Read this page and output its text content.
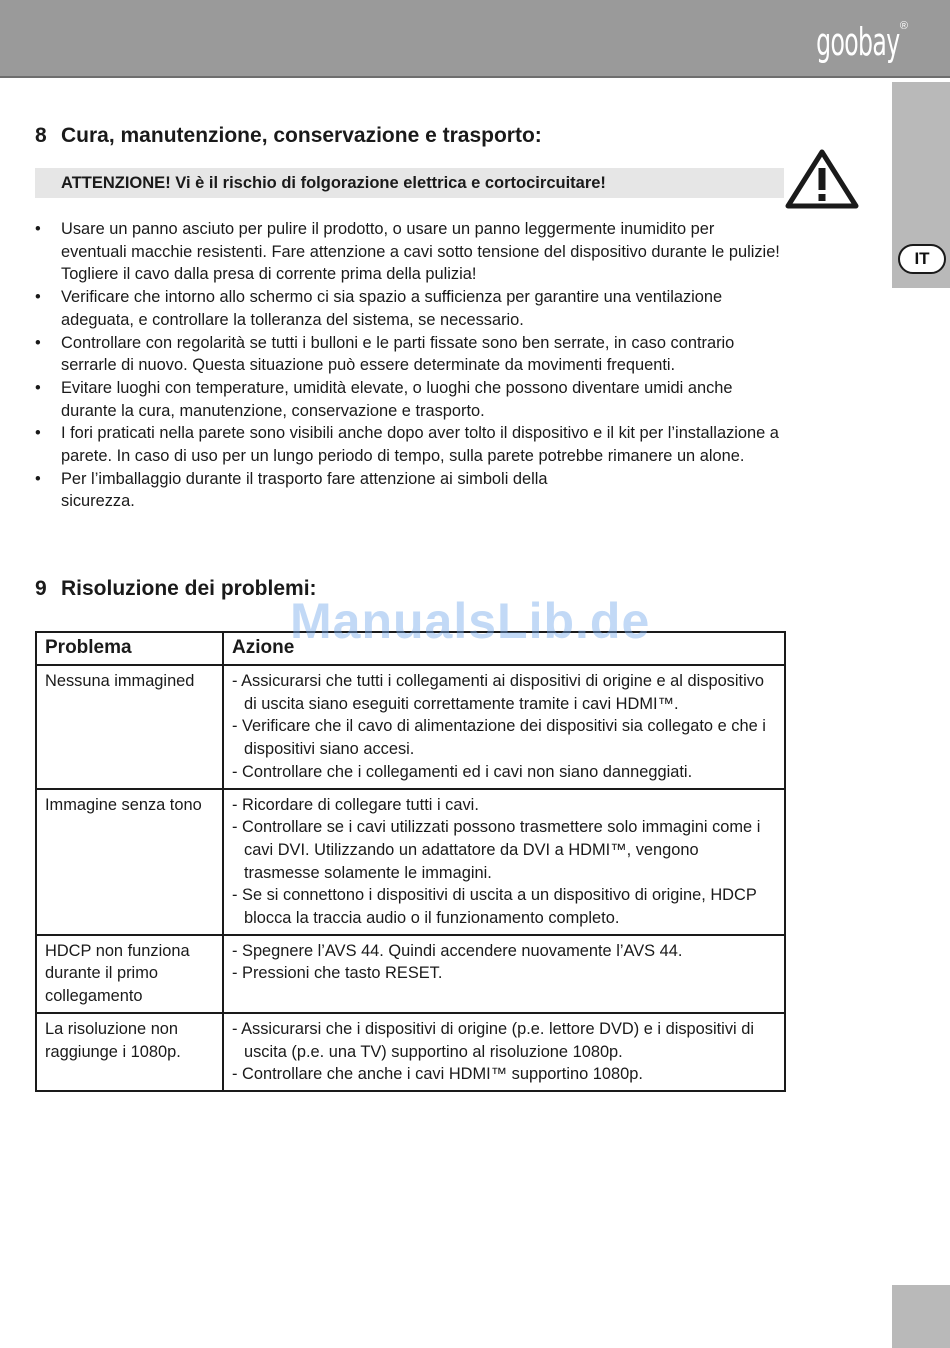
goobay ®
IT
8 Cura, manutenzione, conservazione e trasporto:
ATTENZIONE! Vi è il rischio di folgorazione elettrica e cortocircuitare!
• Usare un panno asciuto per pulire il prodotto, o usare un panno leggermente inumidito per eventuali macchie resistenti. Fare attenzione a cavi sotto tensione del dispositivo durante le pulizie! Togliere il cavo dalla presa di corrente prima della pulizia!
• Verificare che intorno allo schermo ci sia spazio a sufficienza per garantire una ventilazione adeguata, e controllare la tolleranza del sistema, se necessario.
• Controllare con regolarità se tutti i bulloni e le parti fissate sono ben serrate, in caso contrario serrarle di nuovo. Questa situazione può essere determinate da movimenti frequenti.
• Evitare luoghi con temperature, umidità elevate, o luoghi che possono diventare umidi anche durante la cura, manutenzione, conservazione e trasporto.
• I fori praticati nella parete sono visibili anche dopo aver tolto il dispositivo e il kit per l’installazione a parete. In caso di uso per un lungo periodo di tempo, sulla parete potrebbe rimanere un alone.
• Per l’imballaggio durante il trasporto fare attenzione ai simboli della sicurezza.
9 Risoluzione dei problemi:
Problema	Azione
Nessuna immagined	- Assicurarsi che tutti i collegamenti ai dispositivi di origine e al dispositivo di uscita siano eseguiti correttamente tramite i cavi HDMI™.
- Verificare che il cavo di alimentazione dei dispositivi sia collegato e che i dispositivi siano accesi.
- Controllare che i collegamenti ed i cavi non siano danneggiati.

Immagine senza tono	- Ricordare di collegare tutti i cavi.
- Controllare se i cavi utilizzati possono trasmettere solo immagini come i cavi DVI. Utilizzando un adattatore da DVI a HDMI™, vengono trasmesse solamente le immagini.
- Se si connettono i dispositivi di uscita a un dispositivo di origine, HDCP blocca la traccia audio o il funzionamento completo.

HDCP non funziona durante il primo collegamento	- Spegnere l’AVS 44. Quindi accendere nuovamente l’AVS 44.
- Pressioni che tasto RESET.

La risoluzione non raggiunge i 1080p.	- Assicurarsi che i dispositivi di origine (p.e. lettore DVD) e i dispositivi di uscita (p.e. una TV) supportino al risoluzione 1080p.
- Controllare che anche i cavi HDMI™ supportino 1080p.
ManualsLib.de
